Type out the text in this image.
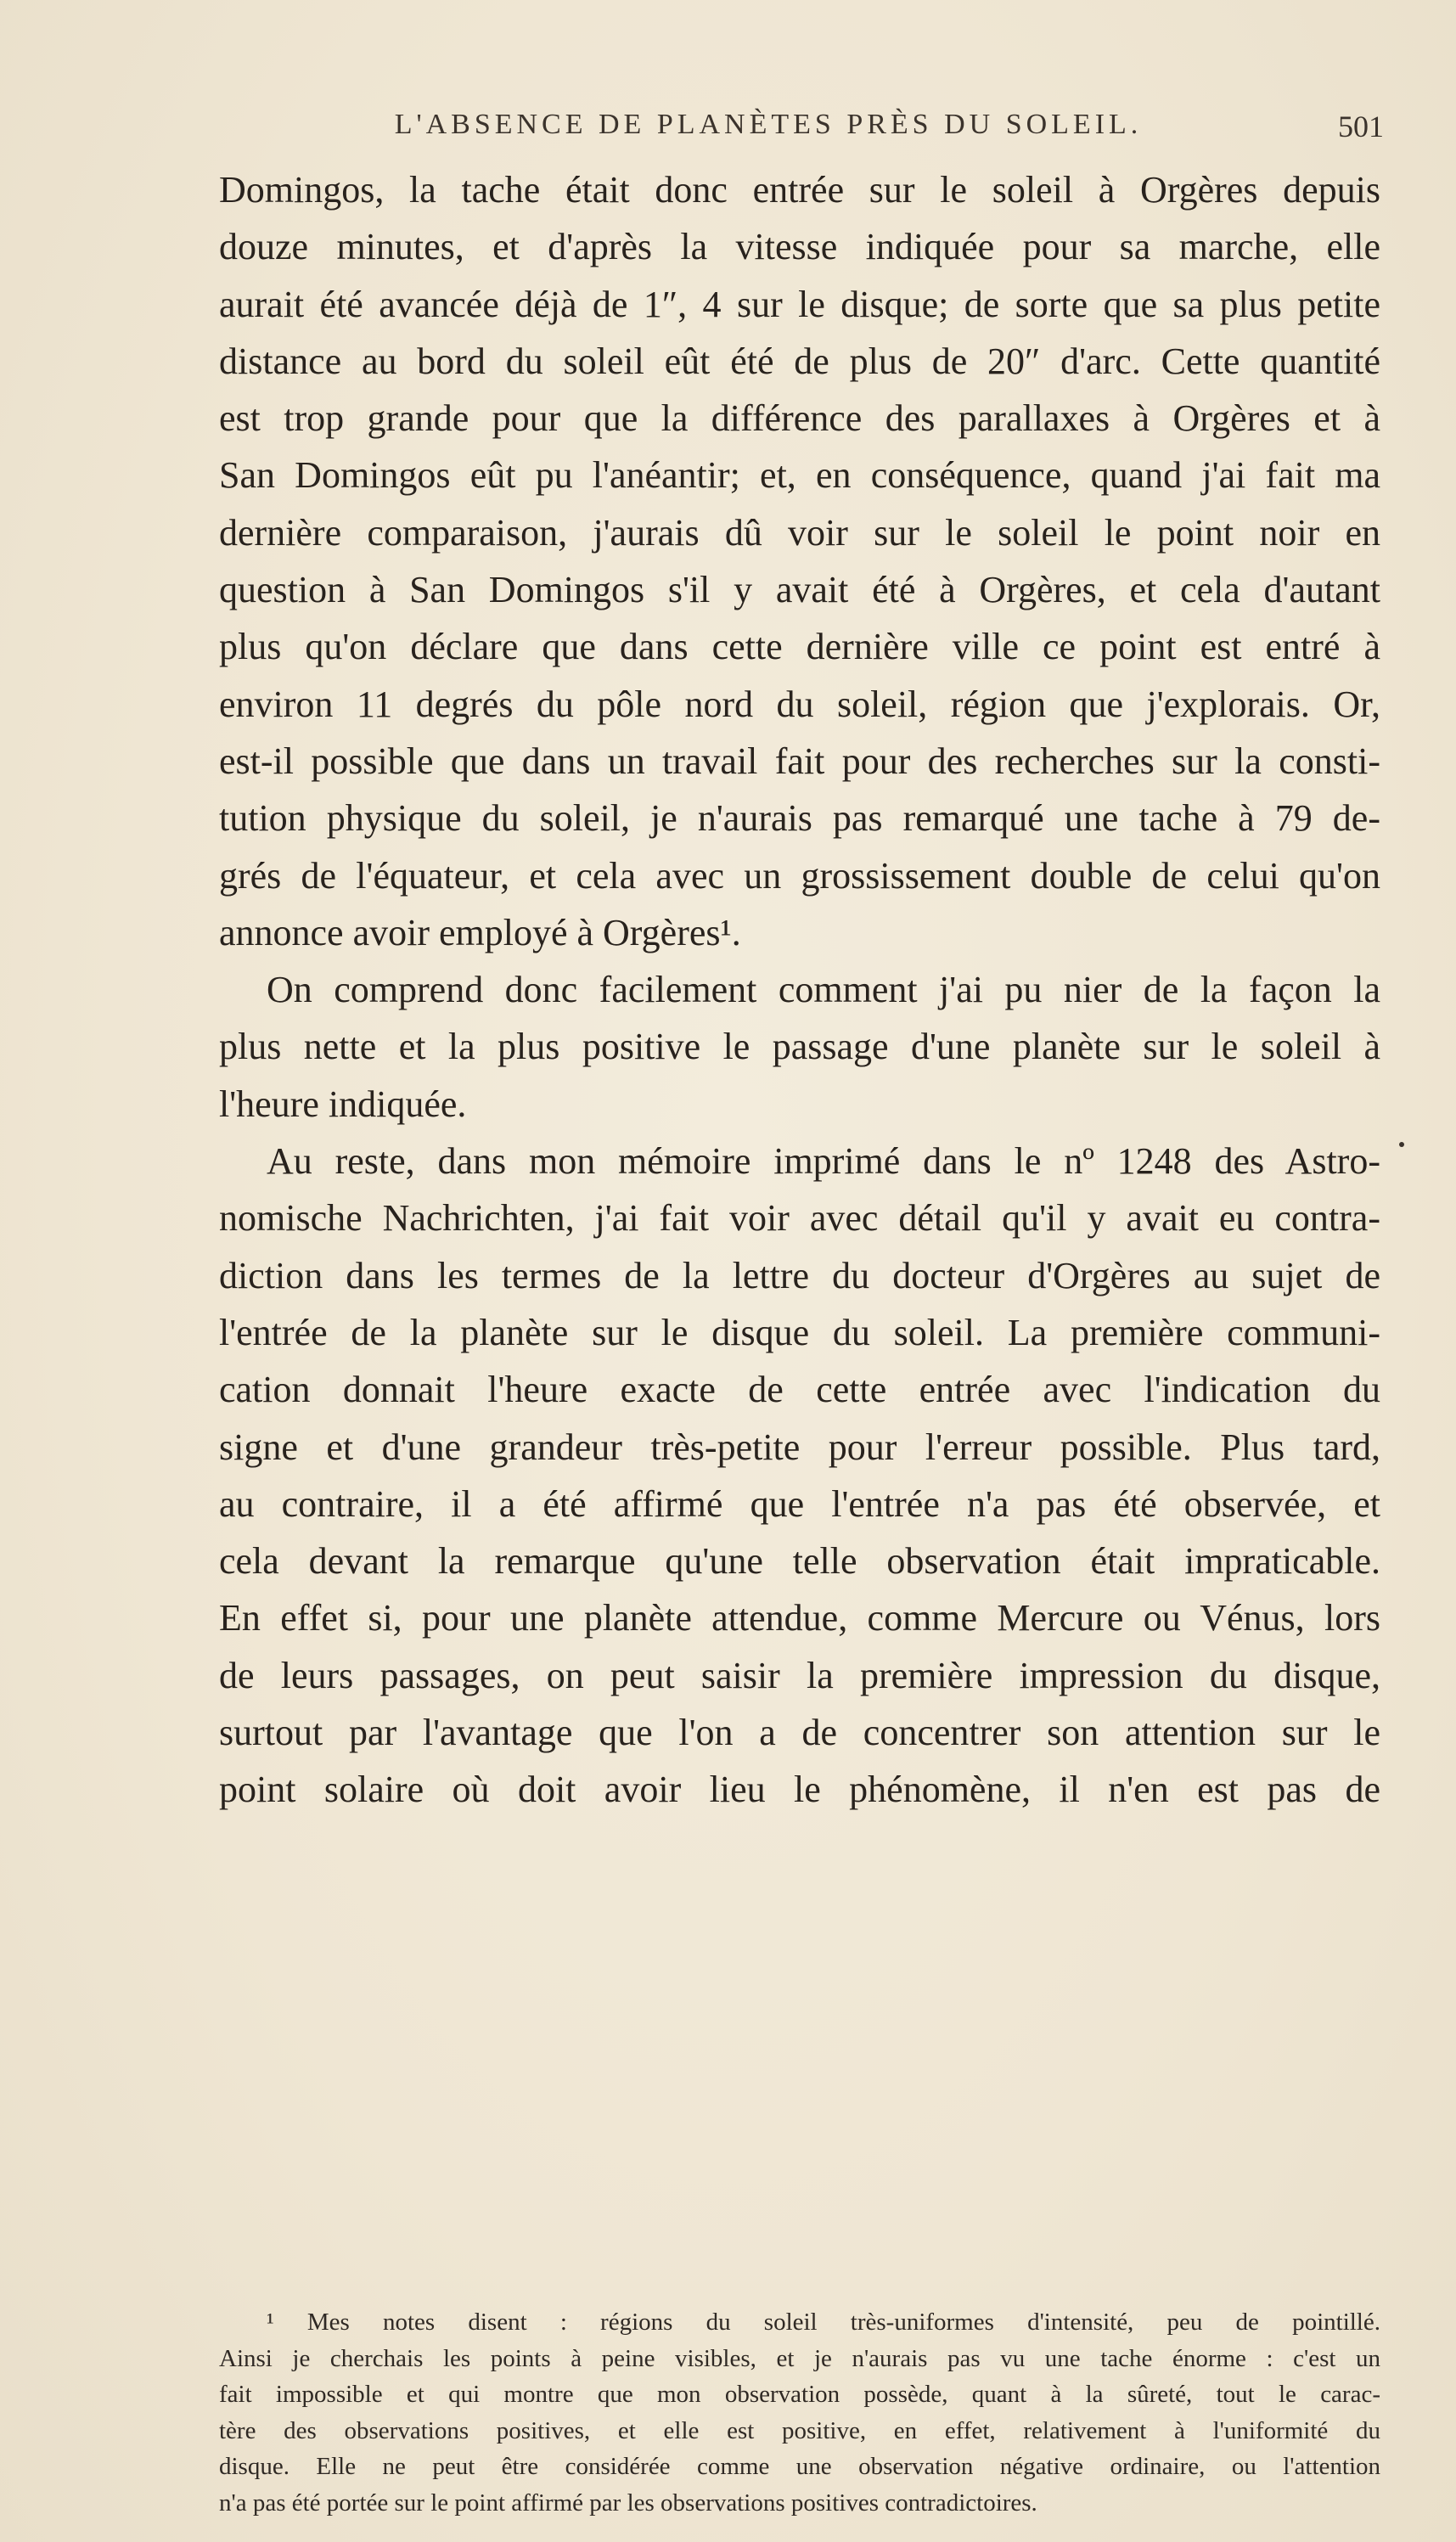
L'ABSENCE DE PLANÈTES PRÈS DU SOLEIL.	501
Domingos, la tache était donc entrée sur le soleil à Orgères depuis
douze minutes, et d'après la vitesse indiquée pour sa marche, elle
aurait été avancée déjà de 1″, 4 sur le disque; de sorte que sa plus petite
distance au bord du soleil eût été de plus de 20″ d'arc. Cette quantité
est trop grande pour que la différence des parallaxes à Orgères et à
San Domingos eût pu l'anéantir; et, en conséquence, quand j'ai fait ma
dernière comparaison, j'aurais dû voir sur le soleil le point noir en
question à San Domingos s'il y avait été à Orgères, et cela d'autant
plus qu'on déclare que dans cette dernière ville ce point est entré à
environ 11 degrés du pôle nord du soleil, région que j'explorais. Or,
est-il possible que dans un travail fait pour des recherches sur la consti-
tution physique du soleil, je n'aurais pas remarqué une tache à 79 de-
grés de l'équateur, et cela avec un grossissement double de celui qu'on
annonce avoir employé à Orgères¹.
On comprend donc facilement comment j'ai pu nier de la façon la
plus nette et la plus positive le passage d'une planète sur le soleil à
l'heure indiquée.
Au reste, dans mon mémoire imprimé dans le nº 1248 des Astro-
nomische Nachrichten, j'ai fait voir avec détail qu'il y avait eu contra-
diction dans les termes de la lettre du docteur d'Orgères au sujet de
l'entrée de la planète sur le disque du soleil. La première communi-
cation donnait l'heure exacte de cette entrée avec l'indication du
signe et d'une grandeur très-petite pour l'erreur possible. Plus tard,
au contraire, il a été affirmé que l'entrée n'a pas été observée, et
cela devant la remarque qu'une telle observation était impraticable.
En effet si, pour une planète attendue, comme Mercure ou Vénus, lors
de leurs passages, on peut saisir la première impression du disque,
surtout par l'avantage que l'on a de concentrer son attention sur le
point solaire où doit avoir lieu le phénomène, il n'en est pas de
¹ Mes notes disent : régions du soleil très-uniformes d'intensité, peu de pointillé.
Ainsi je cherchais les points à peine visibles, et je n'aurais pas vu une tache énorme : c'est un
fait impossible et qui montre que mon observation possède, quant à la sûreté, tout le carac-
tère des observations positives, et elle est positive, en effet, relativement à l'uniformité du
disque. Elle ne peut être considérée comme une observation négative ordinaire, ou l'attention
n'a pas été portée sur le point affirmé par les observations positives contradictoires.
